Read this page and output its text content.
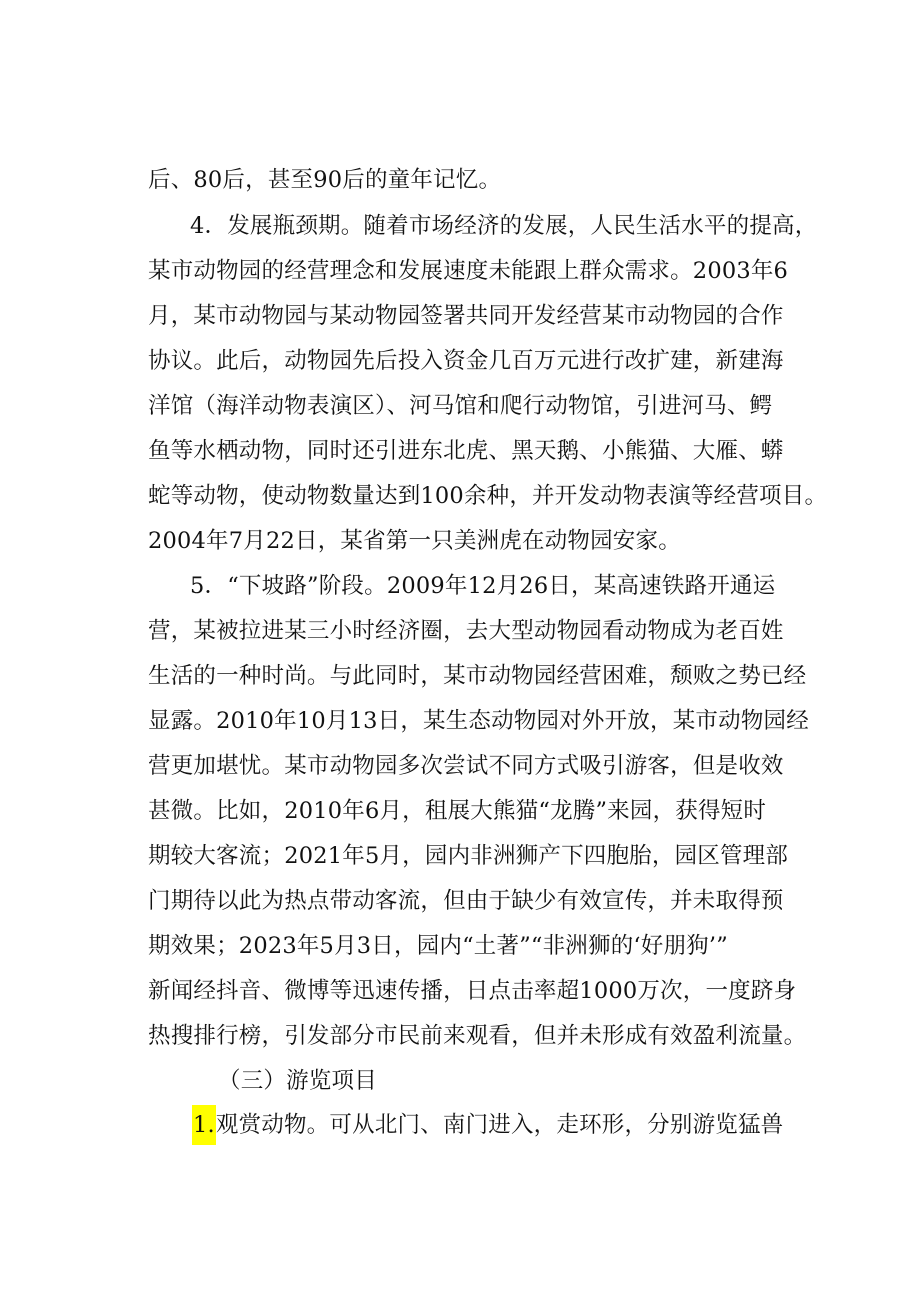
后、80后，甚至90后的童年记忆。
4．发展瓶颈期。随着市场经济的发展，人民生活水平的提高，
某市动物园的经营理念和发展速度未能跟上群众需求。2003年6
月，某市动物园与某动物园签署共同开发经营某市动物园的合作
协议。此后，动物园先后投入资金几百万元进行改扩建，新建海
洋馆（海洋动物表演区）、河马馆和爬行动物馆，引进河马、鳄
鱼等水栖动物，同时还引进东北虎、黑天鹅、小熊猫、大雁、蟒
蛇等动物，使动物数量达到100余种，并开发动物表演等经营项目。
2004年7月22日，某省第一只美洲虎在动物园安家。
5．“下坡路”阶段。2009年12月26日，某高速铁路开通运
营，某被拉进某三小时经济圈，去大型动物园看动物成为老百姓
生活的一种时尚。与此同时，某市动物园经营困难，颓败之势已经
显露。2010年10月13日，某生态动物园对外开放，某市动物园经
营更加堪忧。某市动物园多次尝试不同方式吸引游客，但是收效
甚微。比如，2010年6月，租展大熊猫“龙腾”来园，获得短时
期较大客流；2021年5月，园内非洲狮产下四胞胎，园区管理部
门期待以此为热点带动客流，但由于缺少有效宣传，并未取得预
期效果；2023年5月3日，园内“土著”“非洲狮的‘好朋狗’”
新闻经抖音、微博等迅速传播，日点击率超1000万次，一度跻身
热搜排行榜，引发部分市民前来观看，但并未形成有效盈利流量。
（三）游览项目
1.观赏动物。可从北门、南门进入，走环形，分别游览猛兽
